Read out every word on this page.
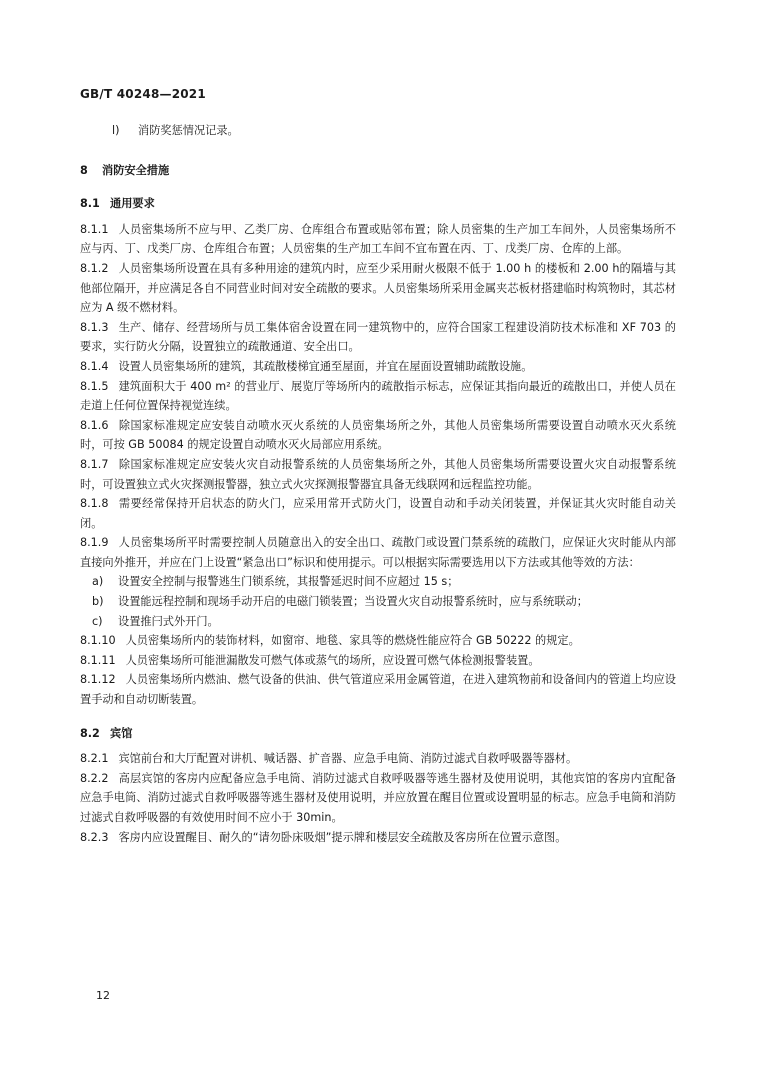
GB/T 40248—2021
l)	消防奖惩情况记录。
8 消防安全措施
8.1 通用要求

8.1.1 人员密集场所不应与甲、乙类厂房、仓库组合布置或贴邻布置；除人员密集的生产加工车间外，人员密集场所不应与丙、丁、戊类厂房、仓库组合布置；人员密集的生产加工车间不宜布置在丙、丁、戊类厂房、仓库的上部。

8.1.2 人员密集场所设置在具有多种用途的建筑内时，应至少采用耐火极限不低于 1.00 h 的楼板和 2.00 h的隔墙与其他部位隔开，并应满足各自不同营业时间对安全疏散的要求。人员密集场所采用金属夹芯板材搭建临时构筑物时，其芯材应为 A 级不燃材料。

8.1.3 生产、储存、经营场所与员工集体宿舍设置在同一建筑物中的，应符合国家工程建设消防技术标准和 XF 703 的要求，实行防火分隔，设置独立的疏散通道、安全出口。

8.1.4 设置人员密集场所的建筑，其疏散楼梯宜通至屋面，并宜在屋面设置辅助疏散设施。

8.1.5 建筑面积大于 400 m² 的营业厅、展览厅等场所内的疏散指示标志，应保证其指向最近的疏散出口，并使人员在走道上任何位置保持视觉连续。

8.1.6 除国家标准规定应安装自动喷水灭火系统的人员密集场所之外，其他人员密集场所需要设置自动喷水灭火系统时，可按 GB 50084 的规定设置自动喷水灭火局部应用系统。

8.1.7 除国家标准规定应安装火灾自动报警系统的人员密集场所之外，其他人员密集场所需要设置火灾自动报警系统时，可设置独立式火灾探测报警器，独立式火灾探测报警器宜具备无线联网和远程监控功能。

8.1.8 需要经常保持开启状态的防火门，应采用常开式防火门，设置自动和手动关闭装置，并保证其火灾时能自动关闭。

8.1.9 人员密集场所平时需要控制人员随意出入的安全出口、疏散门或设置门禁系统的疏散门，应保证火灾时能从内部直接向外推开，并应在门上设置“紧急出口”标识和使用提示。可以根据实际需要选用以下方法或其他等效的方法：

a)	设置安全控制与报警逃生门锁系统，其报警延迟时间不应超过 15 s；
b)	设置能远程控制和现场手动开启的电磁门锁装置；当设置火灾自动报警系统时，应与系统联动；
c)	设置推闩式外开门。

8.1.10 人员密集场所内的装饰材料，如窗帘、地毯、家具等的燃烧性能应符合 GB 50222 的规定。

8.1.11 人员密集场所可能泄漏散发可燃气体或蒸气的场所，应设置可燃气体检测报警装置。

8.1.12 人员密集场所内燃油、燃气设备的供油、供气管道应采用金属管道，在进入建筑物前和设备间内的管道上均应设置手动和自动切断装置。

8.2 宾馆

8.2.1 宾馆前台和大厅配置对讲机、喊话器、扩音器、应急手电筒、消防过滤式自救呼吸器等器材。

8.2.2 高层宾馆的客房内应配备应急手电筒、消防过滤式自救呼吸器等逃生器材及使用说明，其他宾馆的客房内宜配备应急手电筒、消防过滤式自救呼吸器等逃生器材及使用说明，并应放置在醒目位置或设置明显的标志。应急手电筒和消防过滤式自救呼吸器的有效使用时间不应小于 30min。

8.2.3 客房内应设置醒目、耐久的“请勿卧床吸烟”提示牌和楼层安全疏散及客房所在位置示意图。

12
